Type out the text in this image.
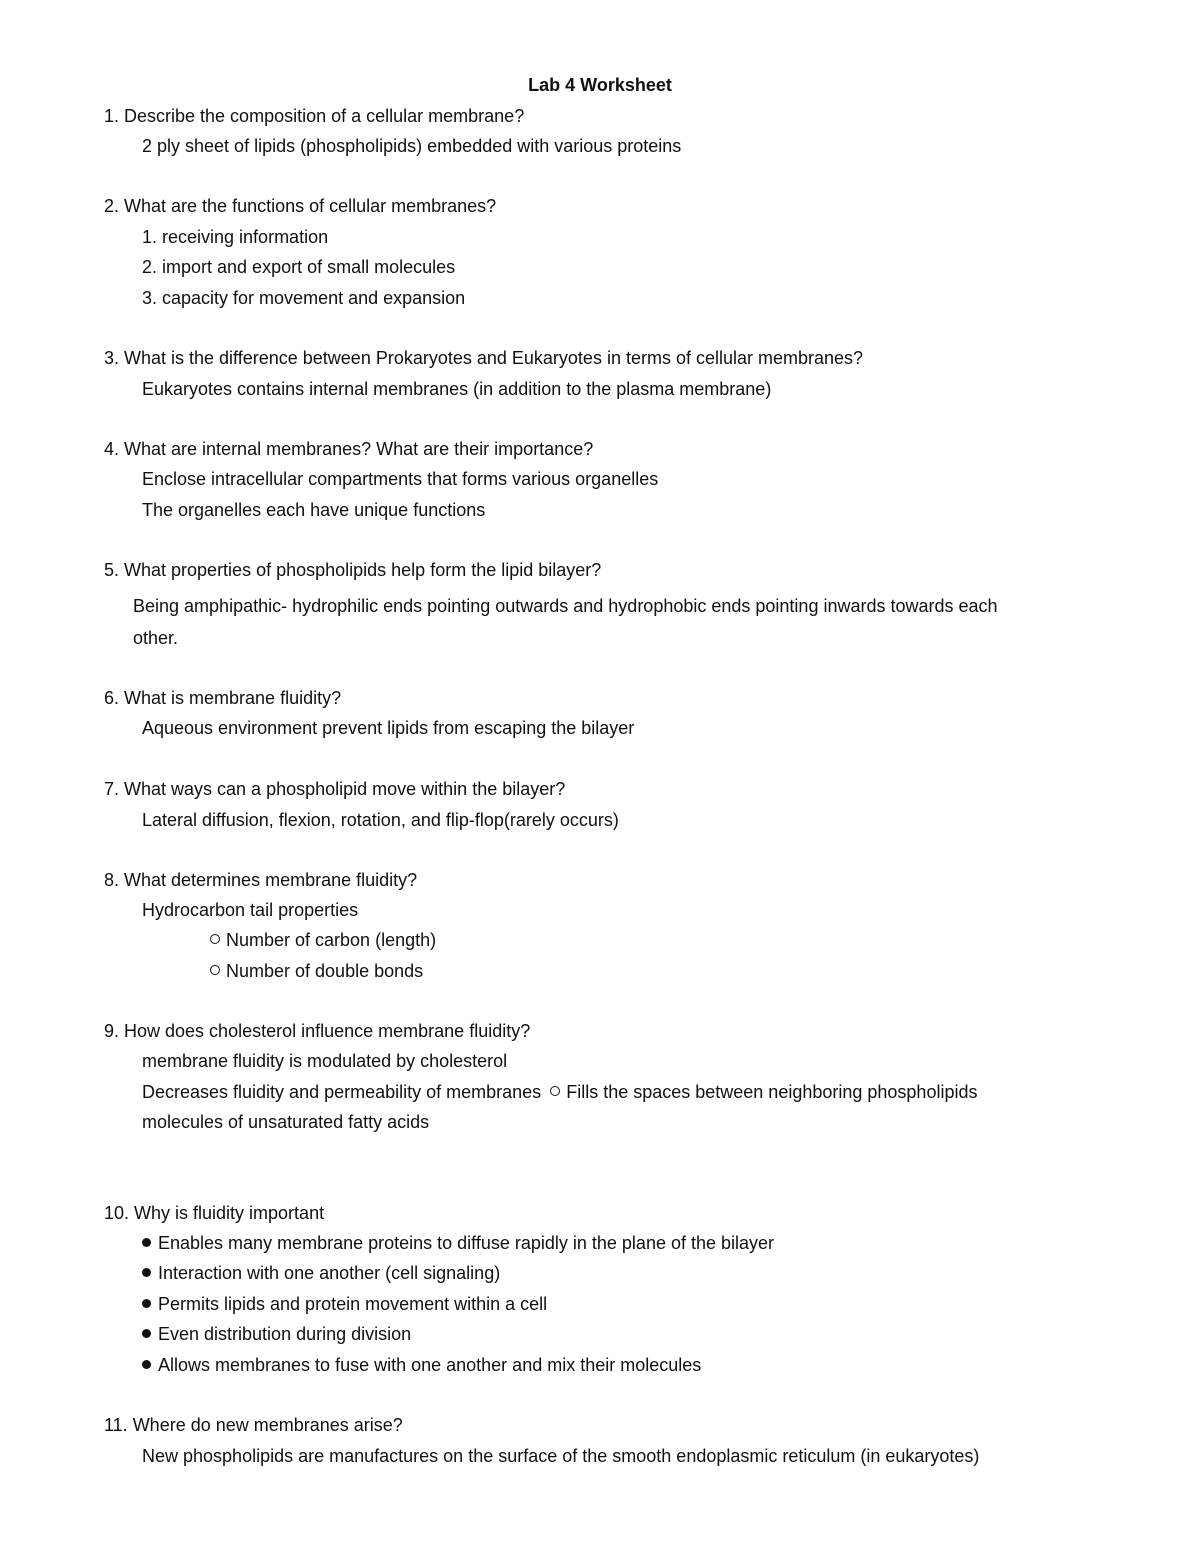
Lab 4 Worksheet
1. Describe the composition of a cellular membrane?
2 ply sheet of lipids (phospholipids) embedded with various proteins
2. What are the functions of cellular membranes?
1. receiving information
2. import and export of small molecules
3. capacity for movement and expansion
3. What is the difference between Prokaryotes and Eukaryotes in terms of cellular membranes?
Eukaryotes contains internal membranes (in addition to the plasma membrane)
4. What are internal membranes? What are their importance?
Enclose intracellular compartments that forms various organelles
The organelles each have unique functions
5. What properties of phospholipids help form the lipid bilayer?
Being amphipathic- hydrophilic ends pointing outwards and hydrophobic ends pointing inwards towards each
other.
6. What is membrane fluidity?
Aqueous environment prevent lipids from escaping the bilayer
7. What ways can a phospholipid move within the bilayer?
Lateral diffusion, flexion, rotation, and flip-flop(rarely occurs)
8. What determines membrane fluidity?
Hydrocarbon tail properties
Number of carbon (length)
Number of double bonds
9. How does cholesterol influence membrane fluidity?
membrane fluidity is modulated by cholesterol
Decreases fluidity and permeability of membranes Fills the spaces between neighboring phospholipids
molecules of unsaturated fatty acids
10. Why is fluidity important
Enables many membrane proteins to diffuse rapidly in the plane of the bilayer
Interaction with one another (cell signaling)
Permits lipids and protein movement within a cell
Even distribution during division
Allows membranes to fuse with one another and mix their molecules
11. Where do new membranes arise?
New phospholipids are manufactures on the surface of the smooth endoplasmic reticulum (in eukaryotes)
